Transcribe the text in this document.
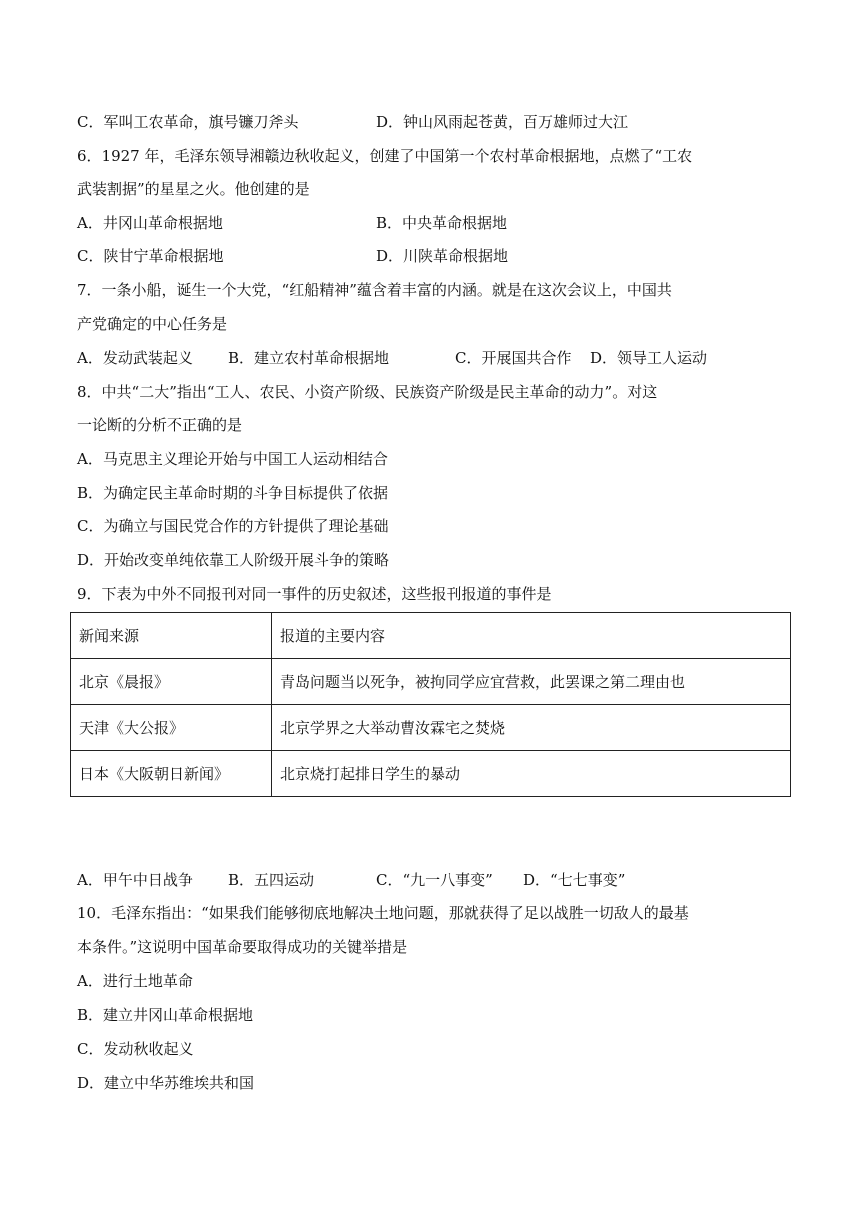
C．军叫工农革命，旗号镰刀斧头	D．钟山风雨起苍黄，百万雄师过大江
6．1927 年，毛泽东领导湘赣边秋收起义，创建了中国第一个农村革命根据地，点燃了“工农
武装割据”的星星之火。他创建的是
A．井冈山革命根据地	B．中央革命根据地
C．陕甘宁革命根据地	D．川陕革命根据地
7．一条小船，诞生一个大党，“红船精神”蕴含着丰富的内涵。就是在这次会议上，中国共
产党确定的中心任务是
A．发动武装起义 B．建立农村革命根据地	C．开展国共合作 D．领导工人运动
8．中共“二大”指出“工人、农民、小资产阶级、民族资产阶级是民主革命的动力”。对这
一论断的分析不正确的是
A．马克思主义理论开始与中国工人运动相结合
B．为确定民主革命时期的斗争目标提供了依据
C．为确立与国民党合作的方针提供了理论基础
D．开始改变单纯依靠工人阶级开展斗争的策略
9．下表为中外不同报刊对同一事件的历史叙述，这些报刊报道的事件是
新闻来源	报道的主要内容
北京《晨报》	青岛问题当以死争，被拘同学应宜营救，此罢课之第二理由也
天津《大公报》	北京学界之大举动曹汝霖宅之焚烧
日本《大阪朝日新闻》	北京烧打起排日学生的暴动
A．甲午中日战争 B．五四运动	C．“九一八事变” D．“七七事变”
10．毛泽东指出：“如果我们能够彻底地解决土地问题，那就获得了足以战胜一切敌人的最基
本条件。”这说明中国革命要取得成功的关键举措是
A．进行土地革命
B．建立井冈山革命根据地
C．发动秋收起义
D．建立中华苏维埃共和国
